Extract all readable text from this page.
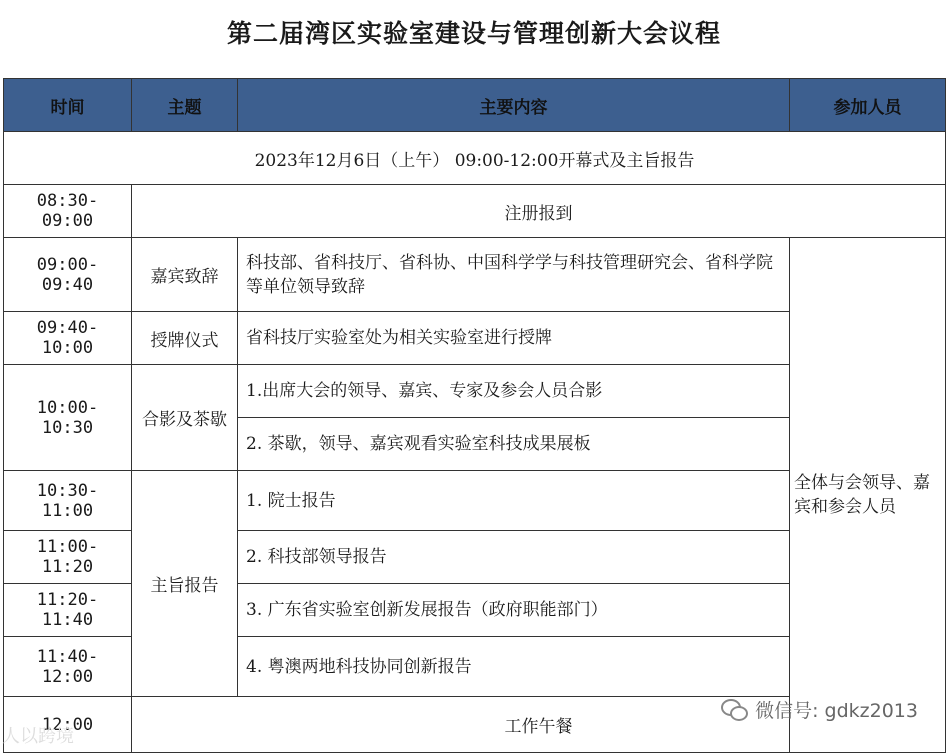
第二届湾区实验室建设与管理创新大会议程
时间	主题	主要内容	参加人员
2023年12月6日（上午） 09:00-12:00开幕式及主旨报告			
08:30-09:00	注册报到		
09:00-09:40	嘉宾致辞	科技部、省科技厅、省科协、中国科学学与科技管理研究会、省科学院等单位领导致辞	全体与会领导、嘉宾和参会人员
09:40-10:00	授牌仪式	省科技厅实验室处为相关实验室进行授牌	
10:00-10:30	合影及茶歇	1.出席大会的领导、嘉宾、专家及参会人员合影	
		2. 茶歇，领导、嘉宾观看实验室科技成果展板	
10:30-11:00	主旨报告	1. 院士报告	
11:00-11:20		2. 科技部领导报告	
11:20-11:40		3. 广东省实验室创新发展报告（政府职能部门）	
11:40-12:00		4. 粤澳两地科技协同创新报告	
12:00	工作午餐		
人以跨境
微信号: gdkz2013
